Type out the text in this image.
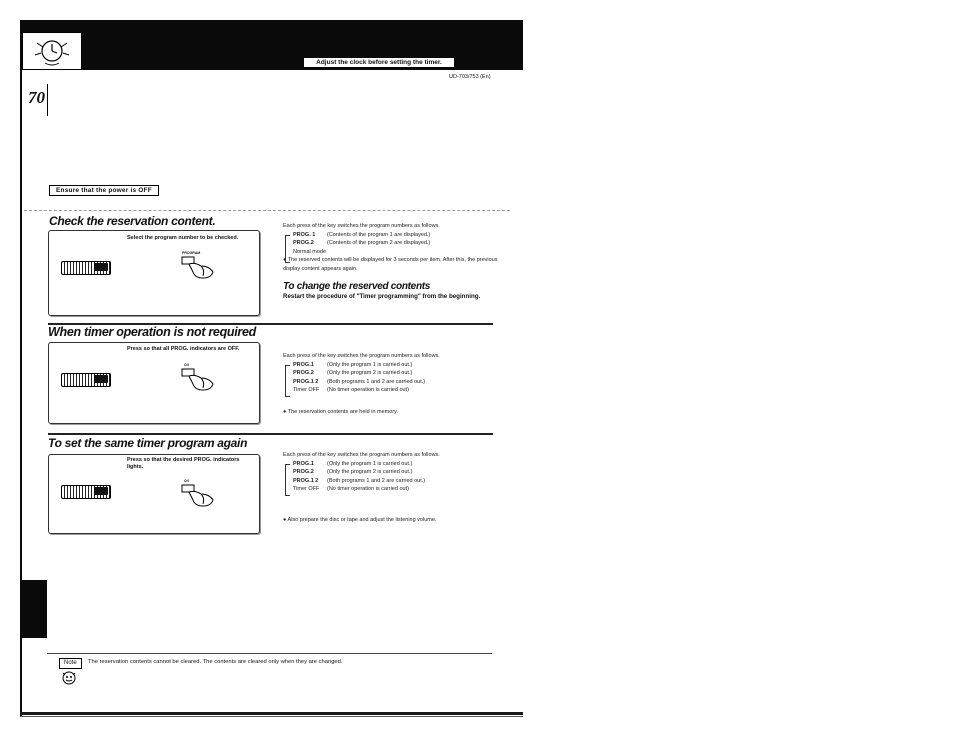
Adjust the clock before setting the timer.
UD-703/753 (En)
70
Ensure that the power is OFF
Check the reservation content.
Select the program number to be checked.
PROGRAM
Each press of the key switches the program numbers as follows.
PROG. 1 (Contents of the program 1 are displayed.)
PROG.2 (Contents of the program 2 are displayed.)
Normal mode
● The reserved contents will be displayed for 3 seconds per item. After this, the previous display content appears again.
To change the reserved contents
Restart the procedure of "Timer programming" from the beginning.
When timer operation is not required
Press so that all PROG. indicators are OFF.
O/I
Each press of the key switches the program numbers as follows.
PROG.1 (Only the program 1 is carried out.)
PROG.2 (Only the program 2 is carried out.)
PROG.1 2 (Both programs 1 and 2 are carried out.)
Timer OFF (No timer operation is carried out)
● The reservation contents are held in memory.
To set the same timer program again
Press so that the desired PROG. indicators lights.
O/I
Each press of the key switches the program numbers as follows.
PROG.1 (Only the program 1 is carried out.)
PROG.2 (Only the program 2 is carried out.)
PROG.1 2 (Both programs 1 and 2 are carried out.)
Timer OFF (No timer operation is carried out)
● Also prepare the disc or tape and adjust the listening volume.
Note	The reservation contents cannot be cleared. The contents are cleared only when they are changed.
